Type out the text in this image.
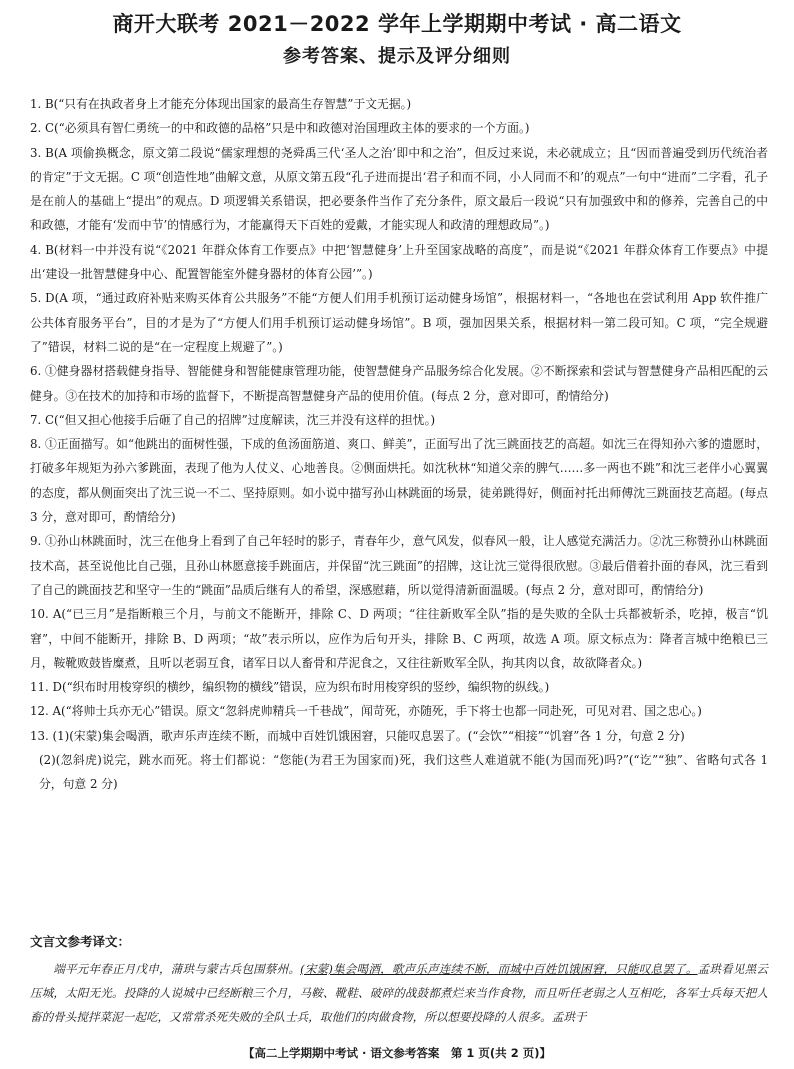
商开大联考 2021－2022 学年上学期期中考试 · 高二语文
参考答案、提示及评分细则

1. B(“只有在执政者身上才能充分体现出国家的最高生存智慧”于文无据。)

2. C(“必须具有智仁勇统一的中和政德的品格”只是中和政德对治国理政主体的要求的一个方面。)

3. B(A 项偷换概念，原文第二段说“儒家理想的尧舜禹三代‘圣人之治’即中和之治”，但反过来说，未必就成立；且“因而普遍受到历代统治者的肯定”于文无据。C 项“创造性地”曲解文意，从原文第五段“孔子进而提出‘君子和而不同，小人同而不和’的观点”一句中“进而”二字看，孔子是在前人的基础上“提出”的观点。D 项逻辑关系错误，把必要条件当作了充分条件，原文最后一段说“只有加强致中和的修养，完善自己的中和政德，才能有‘发而中节’的情感行为，才能赢得天下百姓的爱戴，才能实现人和政清的理想政局”。)

4. B(材料一中并没有说“《2021 年群众体育工作要点》中把‘智慧健身’上升至国家战略的高度”，而是说“《2021 年群众体育工作要点》中提出‘建设一批智慧健身中心、配置智能室外健身器材的体育公园’”。)

5. D(A 项，“通过政府补贴来购买体育公共服务”不能“方便人们用手机预订运动健身场馆”，根据材料一，“各地也在尝试利用 App 软件推广公共体育服务平台”，目的才是为了“方便人们用手机预订运动健身场馆”。B 项，强加因果关系，根据材料一第二段可知。C 项，“完全规避了”错误，材料二说的是“在一定程度上规避了”。)

6. ①健身器材搭载健身指导、智能健身和智能健康管理功能，使智慧健身产品服务综合化发展。②不断探索和尝试与智慧健身产品相匹配的云健身。③在技术的加持和市场的监督下，不断提高智慧健身产品的使用价值。(每点 2 分，意对即可，酌情给分)

7. C(“但又担心他接手后砸了自己的招牌”过度解读，沈三并没有这样的担忧。)

8. ①正面描写。如“他跳出的面树性强，下成的鱼汤面筋道、爽口、鲜美”，正面写出了沈三跳面技艺的高超。如沈三在得知孙六爹的遗愿时，打破多年规矩为孙六爹跳面，表现了他为人仗义、心地善良。②侧面烘托。如沈秋林“知道父亲的脾气……多一两也不跳”和沈三老伴小心翼翼的态度，都从侧面突出了沈三说一不二、坚持原则。如小说中描写孙山林跳面的场景，徒弟跳得好，侧面衬托出师傅沈三跳面技艺高超。(每点 3 分，意对即可，酌情给分)

9. ①孙山林跳面时，沈三在他身上看到了自己年轻时的影子，青春年少，意气风发，似春风一般，让人感觉充满活力。②沈三称赞孙山林跳面技术高，甚至说他比自己强，且孙山林愿意接手跳面店，并保留“沈三跳面”的招牌，这让沈三觉得很欣慰。③最后借着扑面的春风，沈三看到了自己的跳面技艺和坚守一生的“跳面”品质后继有人的希望，深感慰藉，所以觉得清新面温暖。(每点 2 分，意对即可，酌情给分)

10. A(“已三月”是指断粮三个月，与前文不能断开，排除 C、D 两项；“往往新败军全队”指的是失败的全队士兵都被斩杀，吃掉，极言“饥窘”，中间不能断开，排除 B、D 两项；“故”表示所以，应作为后句开头，排除 B、C 两项，故选 A 项。原文标点为：降者言城中绝粮已三月，鞍靴败鼓皆糜煮，且听以老弱互食，诸军日以人畜骨和芹泥食之，又往往新败军全队，拘其肉以食，故欲降者众。)

11. D(“织布时用梭穿织的横纱，编织物的横线”错误，应为织布时用梭穿织的竖纱，编织物的纵线。)

12. A(“将帅士兵亦无心”错误。原文“忽斜虎帅精兵一千巷战”，闻苛死，亦随死，手下将士也都一同赴死，可见对君、国之忠心。)

13. (1)(宋蒙)集会喝酒，歌声乐声连续不断，而城中百姓饥饿困窘，只能叹息罢了。(“会饮”“相接”“饥窘”各 1 分，句意 2 分)

(2)(忽斜虎)说完，跳水而死。将士们都说：“您能(为君王为国家而)死，我们这些人难道就不能(为国而死)吗?”(“讫”“独”、省略句式各 1 分，句意 2 分)

文言文参考译文：
端平元年春正月戊申，蒲珙与蒙古兵包围蔡州。(宋蒙)集会喝酒，歌声乐声连续不断，而城中百姓饥饿困窘，只能叹息罢了。孟珙看见黑云压城，太阳无光。投降的人说城中已经断粮三个月，马鞍、靴鞋、破碎的战鼓都煮烂来当作食物，而且听任老弱之人互相吃，各军士兵每天把人畜的骨头搅拌菜泥一起吃，又常常杀死失败的全队士兵，取他们的肉做食物，所以想要投降的人很多。孟珙于
【高二上学期期中考试 · 语文参考答案　第 1 页(共 2 页)】
